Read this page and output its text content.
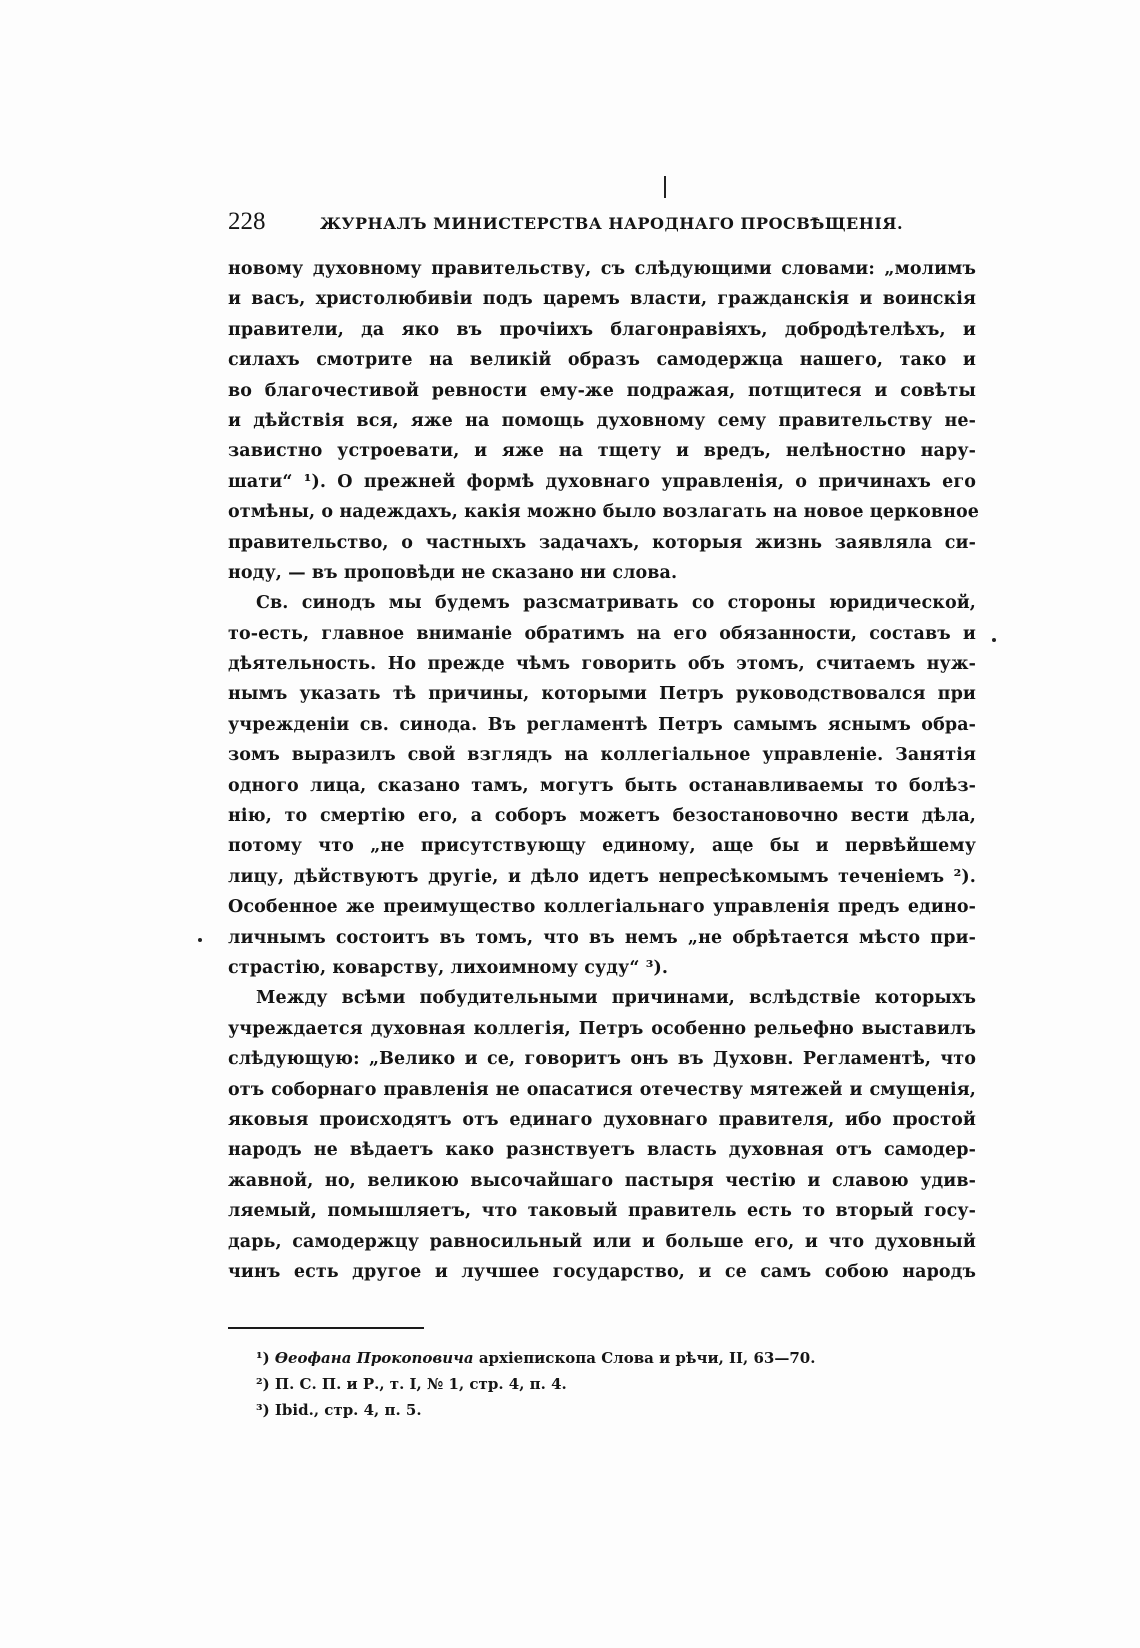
228	ЖУРНАЛЪ МИНИСТЕРСТВА НАРОДНАГО ПРОСВѢЩЕНІЯ.
новому духовному правительству, съ слѣдующими словами: „молимъ
и васъ, христолюбивіи подъ царемъ власти, гражданскія и воинскія
правители, да яко въ прочіихъ благонравіяхъ, добродѣтелѣхъ, и
силахъ смотрите на великій образъ самодержца нашего, тако и
во благочестивой ревности ему-же подражая, потщитеся и совѣты
и дѣйствія вся, яже на помощь духовному сему правительству не-
завистно устроевати, и яже на тщету и вредъ, нелѣностно нару-
шати“ ¹). О прежней формѣ духовнаго управленія, о причинахъ его
отмѣны, о надеждахъ, какія можно было возлагать на новое церковное
правительство, о частныхъ задачахъ, которыя жизнь заявляла си-
ноду, — въ проповѣди не сказано ни слова.
Св. синодъ мы будемъ разсматривать со стороны юридической,
то-есть, главное вниманіе обратимъ на его обязанности, составъ и
дѣятельность. Но прежде чѣмъ говорить объ этомъ, считаемъ нуж-
нымъ указать тѣ причины, которыми Петръ руководствовался при
учрежденіи св. синода. Въ регламентѣ Петръ самымъ яснымъ обра-
зомъ выразилъ свой взглядъ на коллегіальное управленіе. Занятія
одного лица, сказано тамъ, могутъ быть останавливаемы то болѣз-
нію, то смертію его, а соборъ можетъ безостановочно вести дѣла,
потому что „не присутствующу единому, аще бы и первѣйшему
лицу, дѣйствуютъ другіе, и дѣло идетъ непресѣкомымъ теченіемъ ²).
Особенное же преимущество коллегіальнаго управленія предъ едино-
личнымъ состоитъ въ томъ, что въ немъ „не обрѣтается мѣсто при-
страстію, коварству, лихоимному суду“ ³).
Между всѣми побудительными причинами, вслѣдствіе которыхъ
учреждается духовная коллегія, Петръ особенно рельефно выставилъ
слѣдующую: „Велико и се, говоритъ онъ въ Духовн. Регламентѣ, что
отъ соборнаго правленія не опасатися отечеству мятежей и смущенія,
яковыя происходятъ отъ единаго духовнаго правителя, ибо простой
народъ не вѣдаетъ како разнствуетъ власть духовная отъ самодер-
жавной, но, великою высочайшаго пастыря честію и славою удив-
ляемый, помышляетъ, что таковый правитель есть то вторый госу-
дарь, самодержцу равносильный или и больше его, и что духовный
чинъ есть другое и лучшее государство, и се самъ собою народъ
¹) Ѳеофана Прокоповича архіепископа Слова и рѣчи, II, 63—70.
²) П. С. П. и Р., т. I, № 1, стр. 4, п. 4.
³) Ibid., стр. 4, п. 5.
